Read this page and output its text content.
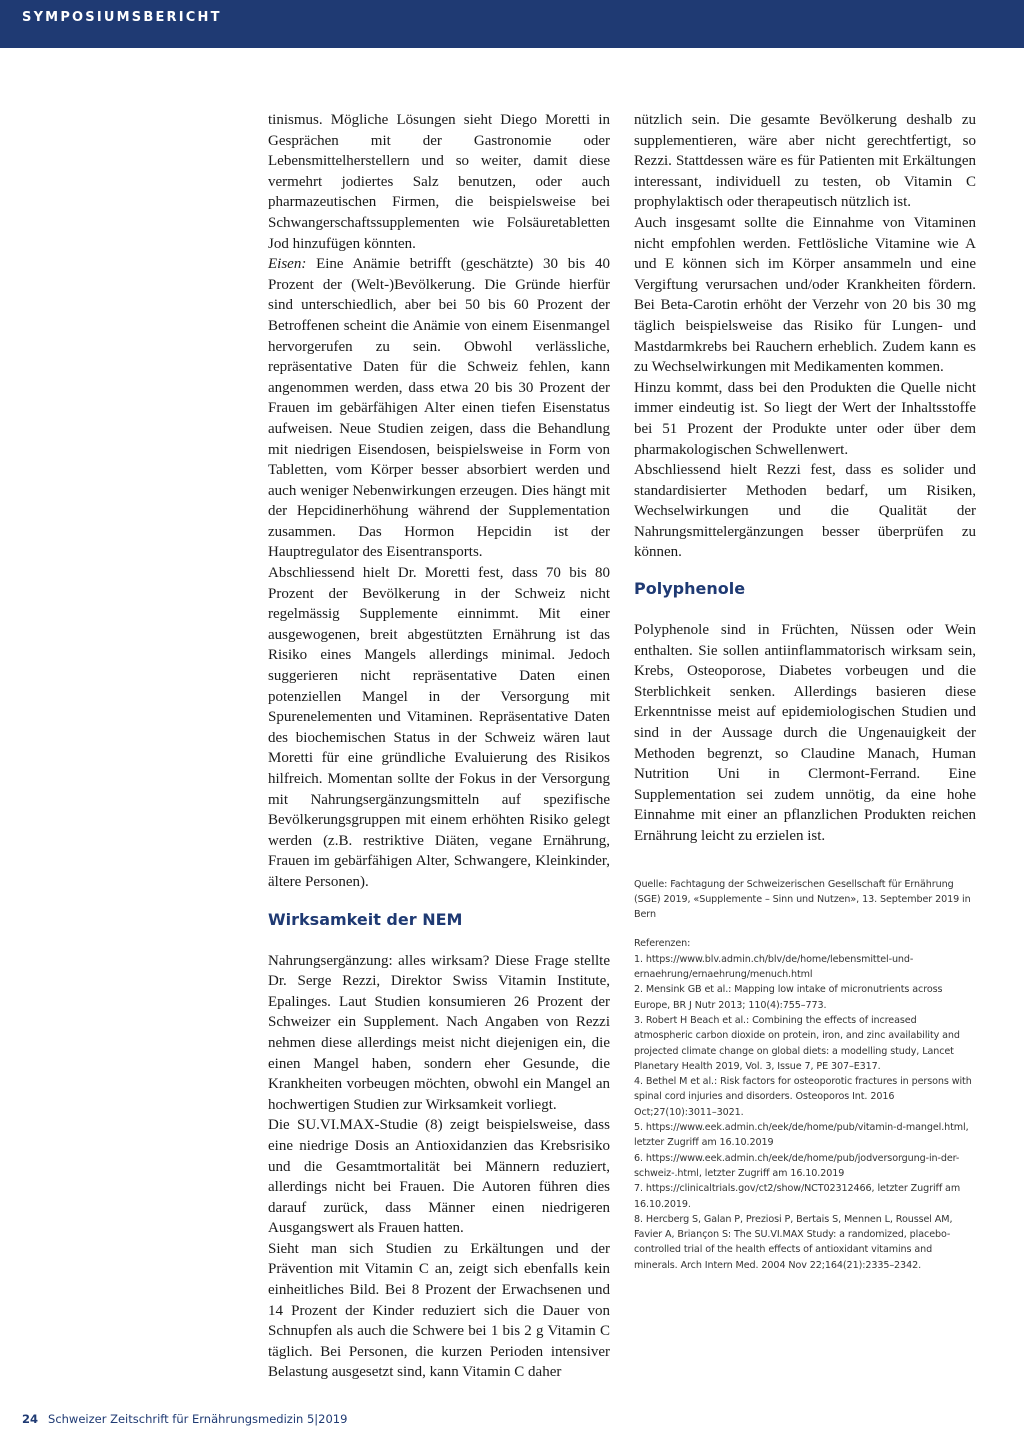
SYMPOSIUMSBERICHT

tinismus. Mögliche Lösungen sieht Diego Moretti in Gesprächen mit der Gastronomie oder Lebensmittelherstellern und so weiter, damit diese vermehrt jodiertes Salz benutzen, oder auch pharmazeutischen Firmen, die beispielsweise bei Schwangerschaftssupplementen wie Folsäuretabletten Jod hinzufügen könnten.

Eisen: Eine Anämie betrifft (geschätzte) 30 bis 40 Prozent der (Welt-)Bevölkerung. Die Gründe hierfür sind unterschiedlich, aber bei 50 bis 60 Prozent der Betroffenen scheint die Anämie von einem Eisenmangel hervorgerufen zu sein. Obwohl verlässliche, repräsentative Daten für die Schweiz fehlen, kann angenommen werden, dass etwa 20 bis 30 Prozent der Frauen im gebärfähigen Alter einen tiefen Eisenstatus aufweisen. Neue Studien zeigen, dass die Behandlung mit niedrigen Eisendosen, beispielsweise in Form von Tabletten, vom Körper besser absorbiert werden und auch weniger Nebenwirkungen erzeugen. Dies hängt mit der Hepcidinerhöhung während der Supplementation zusammen. Das Hormon Hepcidin ist der Hauptregulator des Eisentransports.

Abschliessend hielt Dr. Moretti fest, dass 70 bis 80 Prozent der Bevölkerung in der Schweiz nicht regelmässig Supplemente einnimmt. Mit einer ausgewogenen, breit abgestützten Ernährung ist das Risiko eines Mangels allerdings minimal. Jedoch suggerieren nicht repräsentative Daten einen potenziellen Mangel in der Versorgung mit Spurenelementen und Vitaminen. Repräsentative Daten des biochemischen Status in der Schweiz wären laut Moretti für eine gründliche Evaluierung des Risikos hilfreich. Momentan sollte der Fokus in der Versorgung mit Nahrungsergänzungsmitteln auf spezifische Bevölkerungsgruppen mit einem erhöhten Risiko gelegt werden (z.B. restriktive Diäten, vegane Ernährung, Frauen im gebärfähigen Alter, Schwangere, Kleinkinder, ältere Personen).

Wirksamkeit der NEM

Nahrungsergänzung: alles wirksam? Diese Frage stellte Dr. Serge Rezzi, Direktor Swiss Vitamin Institute, Epalinges. Laut Studien konsumieren 26 Prozent der Schweizer ein Supplement. Nach Angaben von Rezzi nehmen diese allerdings meist nicht diejenigen ein, die einen Mangel haben, sondern eher Gesunde, die Krankheiten vorbeugen möchten, obwohl ein Mangel an hochwertigen Studien zur Wirksamkeit vorliegt.

Die SU.VI.MAX-Studie (8) zeigt beispielsweise, dass eine niedrige Dosis an Antioxidanzien das Krebsrisiko und die Gesamtmortalität bei Männern reduziert, allerdings nicht bei Frauen. Die Autoren führen dies darauf zurück, dass Männer einen niedrigeren Ausgangswert als Frauen hatten.

Sieht man sich Studien zu Erkältungen und der Prävention mit Vitamin C an, zeigt sich ebenfalls kein einheitliches Bild. Bei 8 Prozent der Erwachsenen und 14 Prozent der Kinder reduziert sich die Dauer von Schnupfen als auch die Schwere bei 1 bis 2 g Vitamin C täglich. Bei Personen, die kurzen Perioden intensiver Belastung ausgesetzt sind, kann Vitamin C daher

nützlich sein. Die gesamte Bevölkerung deshalb zu supplementieren, wäre aber nicht gerechtfertigt, so Rezzi. Stattdessen wäre es für Patienten mit Erkältungen interessant, individuell zu testen, ob Vitamin C prophylaktisch oder therapeutisch nützlich ist.

Auch insgesamt sollte die Einnahme von Vitaminen nicht empfohlen werden. Fettlösliche Vitamine wie A und E können sich im Körper ansammeln und eine Vergiftung verursachen und/oder Krankheiten fördern. Bei Beta-Carotin erhöht der Verzehr von 20 bis 30 mg täglich beispielsweise das Risiko für Lungen- und Mastdarmkrebs bei Rauchern erheblich. Zudem kann es zu Wechselwirkungen mit Medikamenten kommen.

Hinzu kommt, dass bei den Produkten die Quelle nicht immer eindeutig ist. So liegt der Wert der Inhaltsstoffe bei 51 Prozent der Produkte unter oder über dem pharmakologischen Schwellenwert.

Abschliessend hielt Rezzi fest, dass es solider und standardisierter Methoden bedarf, um Risiken, Wechselwirkungen und die Qualität der Nahrungsmittelergänzungen besser überprüfen zu können.

Polyphenole

Polyphenole sind in Früchten, Nüssen oder Wein enthalten. Sie sollen antiinflammatorisch wirksam sein, Krebs, Osteoporose, Diabetes vorbeugen und die Sterblichkeit senken. Allerdings basieren diese Erkenntnisse meist auf epidemiologischen Studien und sind in der Aussage durch die Ungenauigkeit der Methoden begrenzt, so Claudine Manach, Human Nutrition Uni in Clermont-Ferrand. Eine Supplementation sei zudem unnötig, da eine hohe Einnahme mit einer an pflanzlichen Produkten reichen Ernährung leicht zu erzielen ist.

Quelle: Fachtagung der Schweizerischen Gesellschaft für Ernährung (SGE) 2019, «Supplemente – Sinn und Nutzen», 13. September 2019 in Bern

Referenzen:

1. https://www.blv.admin.ch/blv/de/home/lebensmittel-und-ernaehrung/ernaehrung/menuch.html
2. Mensink GB et al.: Mapping low intake of micronutrients across Europe, BR J Nutr 2013; 110(4):755–773.
3. Robert H Beach et al.: Combining the effects of increased atmospheric carbon dioxide on protein, iron, and zinc availability and projected climate change on global diets: a modelling study, Lancet Planetary Health 2019, Vol. 3, Issue 7, PE 307–E317.
4. Bethel M et al.: Risk factors for osteoporotic fractures in persons with spinal cord injuries and disorders. Osteoporos Int. 2016 Oct;27(10):3011–3021.
5. https://www.eek.admin.ch/eek/de/home/pub/vitamin-d-mangel.html, letzter Zugriff am 16.10.2019
6. https://www.eek.admin.ch/eek/de/home/pub/jodversorgung-in-der-schweiz-.html, letzter Zugriff am 16.10.2019
7. https://clinicaltrials.gov/ct2/show/NCT02312466, letzter Zugriff am 16.10.2019.
8. Hercberg S, Galan P, Preziosi P, Bertais S, Mennen L, Roussel AM, Favier A, Briançon S: The SU.VI.MAX Study: a randomized, placebo-controlled trial of the health effects of antioxidant vitamins and minerals. Arch Intern Med. 2004 Nov 22;164(21):2335–2342.
24 Schweizer Zeitschrift für Ernährungsmedizin 5|2019
